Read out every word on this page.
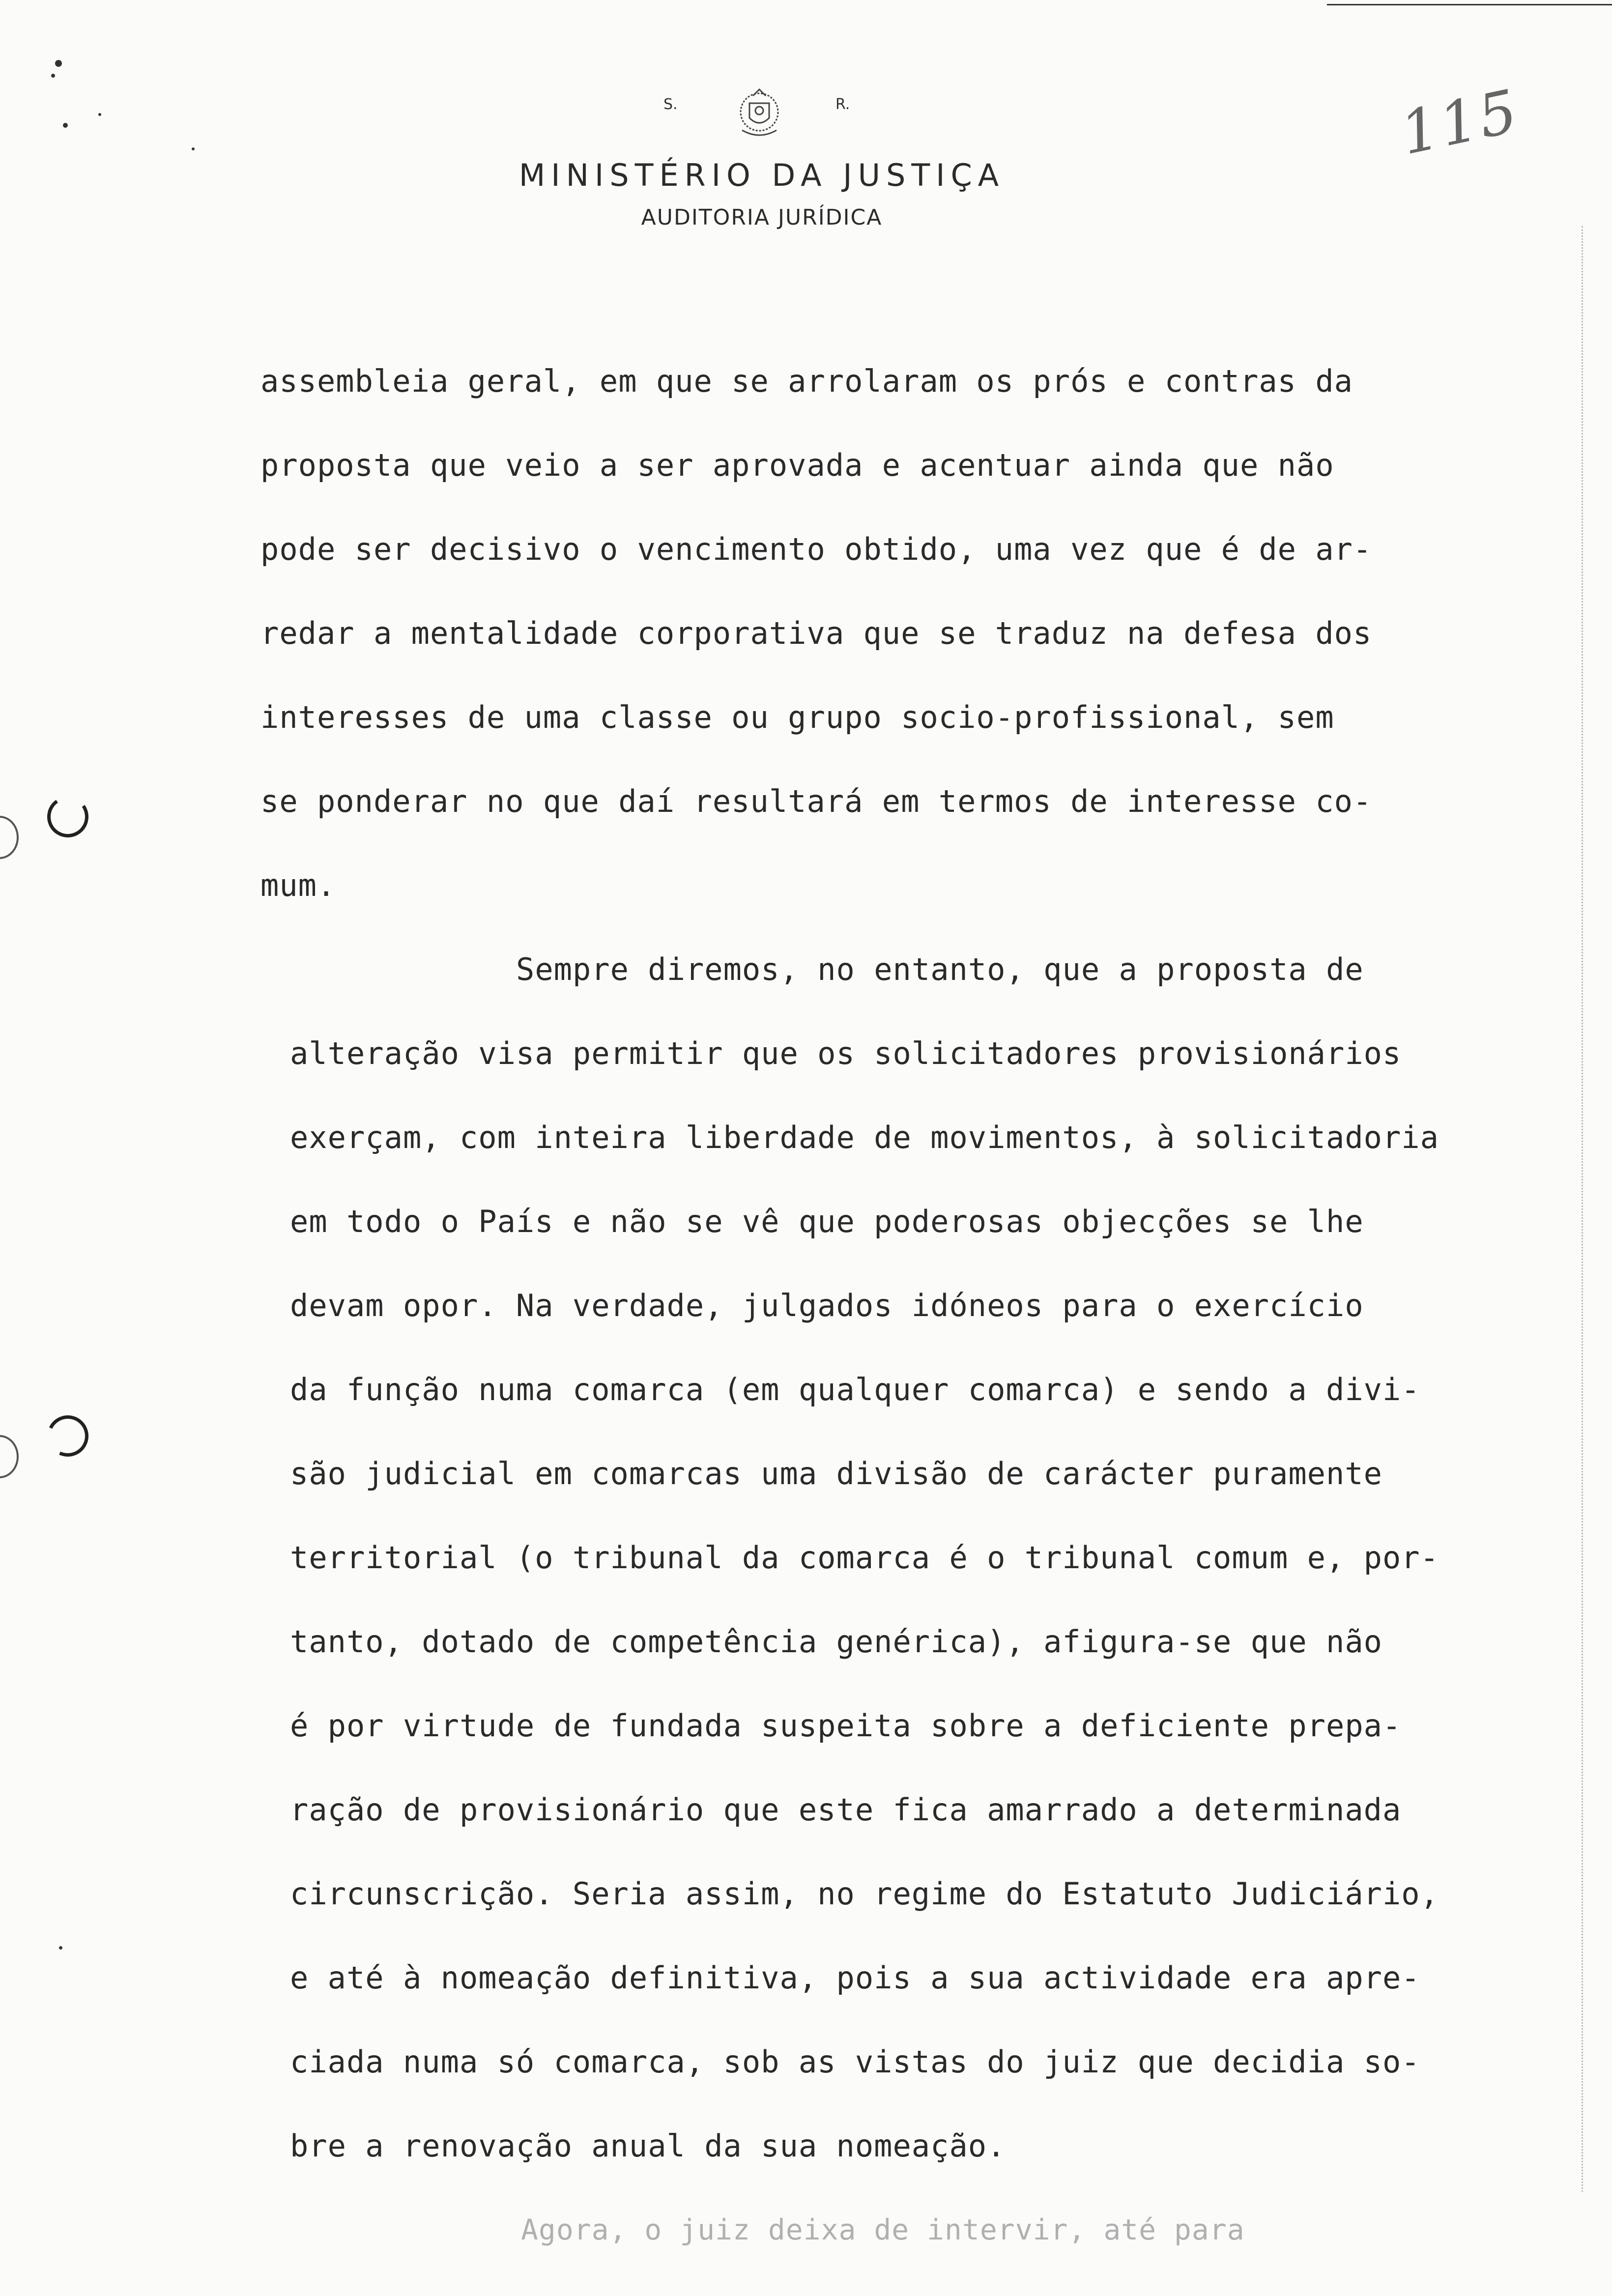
S.	R.
MINISTÉRIO DA JUSTIÇA
AUDITORIA JURÍDICA
115
assembleia geral, em que se arrolaram os prós e contras da
proposta que veio a ser aprovada e acentuar ainda que não
pode ser decisivo o vencimento obtido, uma vez que é de ar-
redar a mentalidade corporativa que se traduz na defesa dos
interesses de uma classe ou grupo socio-profissional, sem
se ponderar no que daí resultará em termos de interesse co-
mum.
Sempre diremos, no entanto, que a proposta de
alteração visa permitir que os solicitadores provisionários
exerçam, com inteira liberdade de movimentos, à solicitadoria
em todo o País e não se vê que poderosas objecções se lhe
devam opor. Na verdade, julgados idóneos para o exercício
da função numa comarca (em qualquer comarca) e sendo a divi-
são judicial em comarcas uma divisão de carácter puramente
territorial (o tribunal da comarca é o tribunal comum e, por-
tanto, dotado de competência genérica), afigura-se que não
é por virtude de fundada suspeita sobre a deficiente prepa-
ração de provisionário que este fica amarrado a determinada
circunscrição. Seria assim, no regime do Estatuto Judiciário,
e até à nomeação definitiva, pois a sua actividade era apre-
ciada numa só comarca, sob as vistas do juiz que decidia so-
bre a renovação anual da sua nomeação.
Agora, o juiz deixa de intervir, até para
